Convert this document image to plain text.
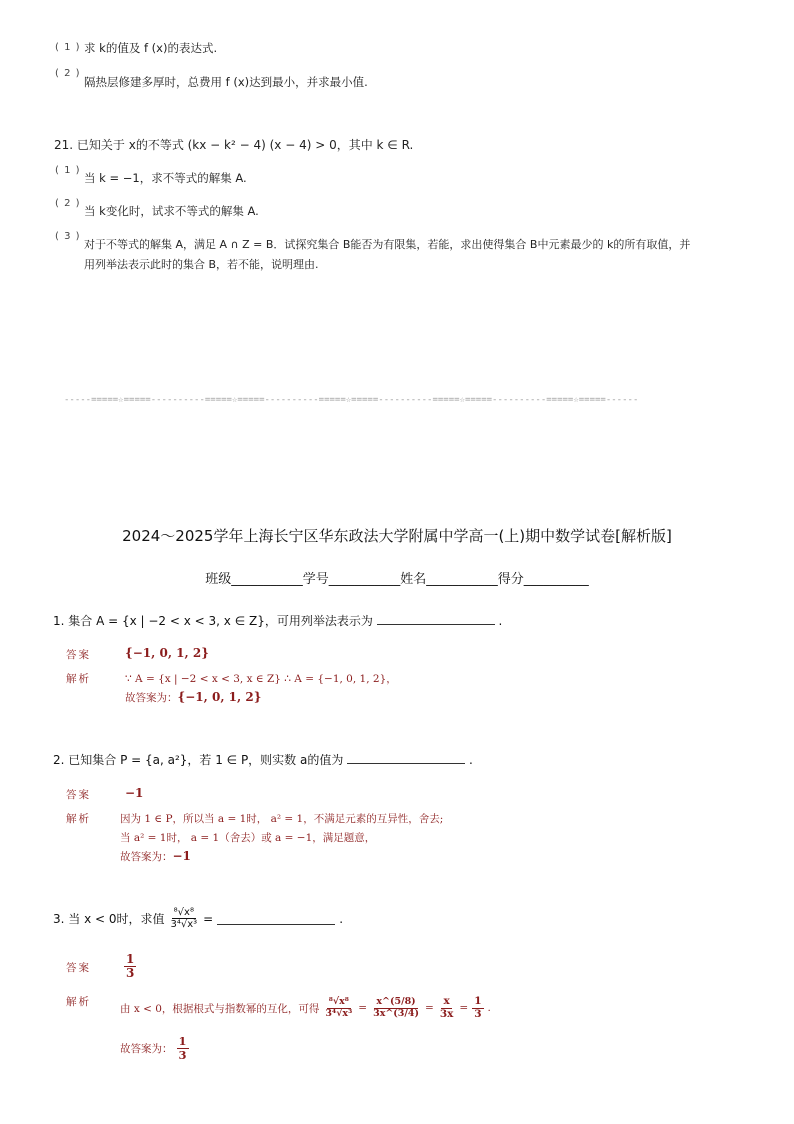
( 1 ) 求 k的值及 f (x)的表达式.
( 2 )
隔热层修建多厚时，总费用 f (x)达到最小，并求最小值.
21. 已知关于 x的不等式 (kx − k² − 4) (x − 4) > 0，其中 k ∈ R.
( 1 )
当 k = −1，求不等式的解集 A.
( 2 )
当 k变化时，试求不等式的解集 A.
( 3 )
对于不等式的解集 A，满足 A ∩ Z = B．试探究集合 B能否为有限集，若能，求出使得集合 B中元素最少的 k的所有取值，并
用列举法表示此时的集合 B，若不能，说明理由.
-----=====☆=====----------=====☆=====----------=====☆=====----------=====☆=====----------=====☆=====------
2024～2025学年上海长宁区华东政法大学附属中学高一(上)期中数学试卷[解析版]
班级___________学号___________姓名___________得分__________
1. 集合 A = {x | −2 < x < 3, x ∈ Z}，可用列举法表示为	.
答案	{−1, 0, 1, 2}
解析	∵ A = {x | −2 < x < 3, x ∈ Z} ∴ A = {−1, 0, 1, 2}，
故答案为：{−1, 0, 1, 2}
2. 已知集合 P = {a, a²}，若 1 ∈ P，则实数 a的值为	.
答案	−1
解析	因为 1 ∈ P，所以当 a = 1时， a² = 1，不满足元素的互异性，舍去;
当 a² = 1时， a = 1（舍去）或 a = −1，满足题意，
故答案为：−1
3. 当 x < 0时，求值 $\frac{\text{⁸√x⁸}}{\text{3⁴√x³}}$ =	.
答案	$\frac{1}{3}$
解析
由 x < 0，根据根式与指数幂的互化，可得 $\frac{\text{⁸√x⁸}}{\text{3⁴√x³}} = \frac{x\^{}(5/8)}{3x\^{}(3/4)} = \frac{x}{3x} = \frac{1}{3}$ .
故答案为： $\frac{1}{3}$
